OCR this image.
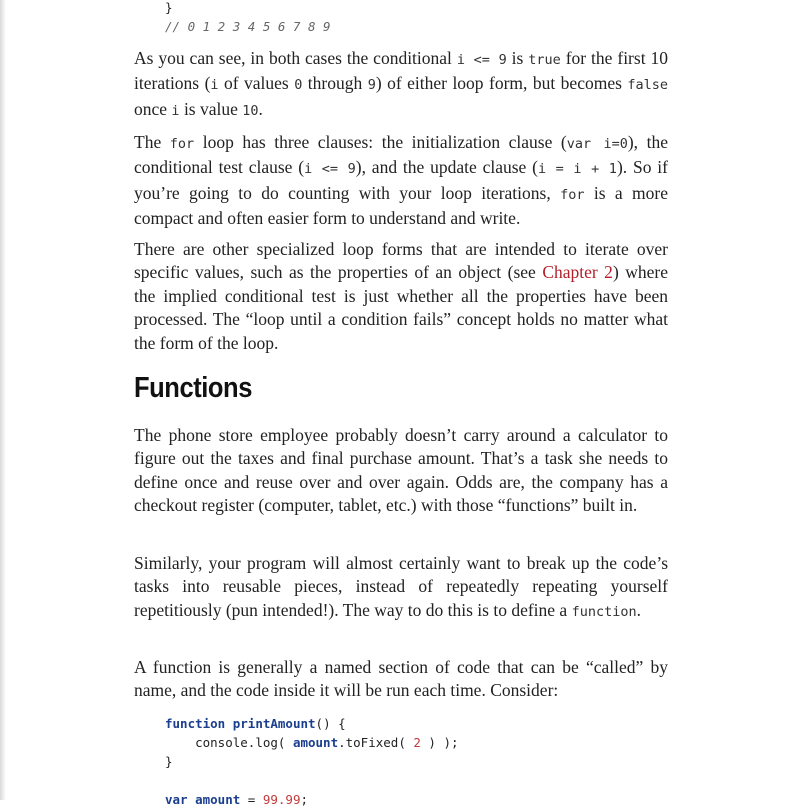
}
// 0 1 2 3 4 5 6 7 8 9
As you can see, in both cases the conditional i <= 9 is true for the first 10 iterations (i of values 0 through 9) of either loop form, but becomes false once i is value 10.
The for loop has three clauses: the initialization clause (var i=0), the conditional test clause (i <= 9), and the update clause (i = i + 1). So if you’re going to do counting with your loop iterations, for is a more compact and often easier form to understand and write.
There are other specialized loop forms that are intended to iterate over specific values, such as the properties of an object (see Chapter 2) where the implied conditional test is just whether all the properties have been processed. The “loop until a condition fails” concept holds no matter what the form of the loop.
Functions
The phone store employee probably doesn’t carry around a calculator to figure out the taxes and final purchase amount. That’s a task she needs to define once and reuse over and over again. Odds are, the company has a checkout register (computer, tablet, etc.) with those “functions” built in.
Similarly, your program will almost certainly want to break up the code’s tasks into reusable pieces, instead of repeatedly repeating yourself repetitiously (pun intended!). The way to do this is to define a function.
A function is generally a named section of code that can be “called” by name, and the code inside it will be run each time. Consider:
function printAmount() {
console.log( amount.toFixed( 2 ) );
}

var amount = 99.99;
